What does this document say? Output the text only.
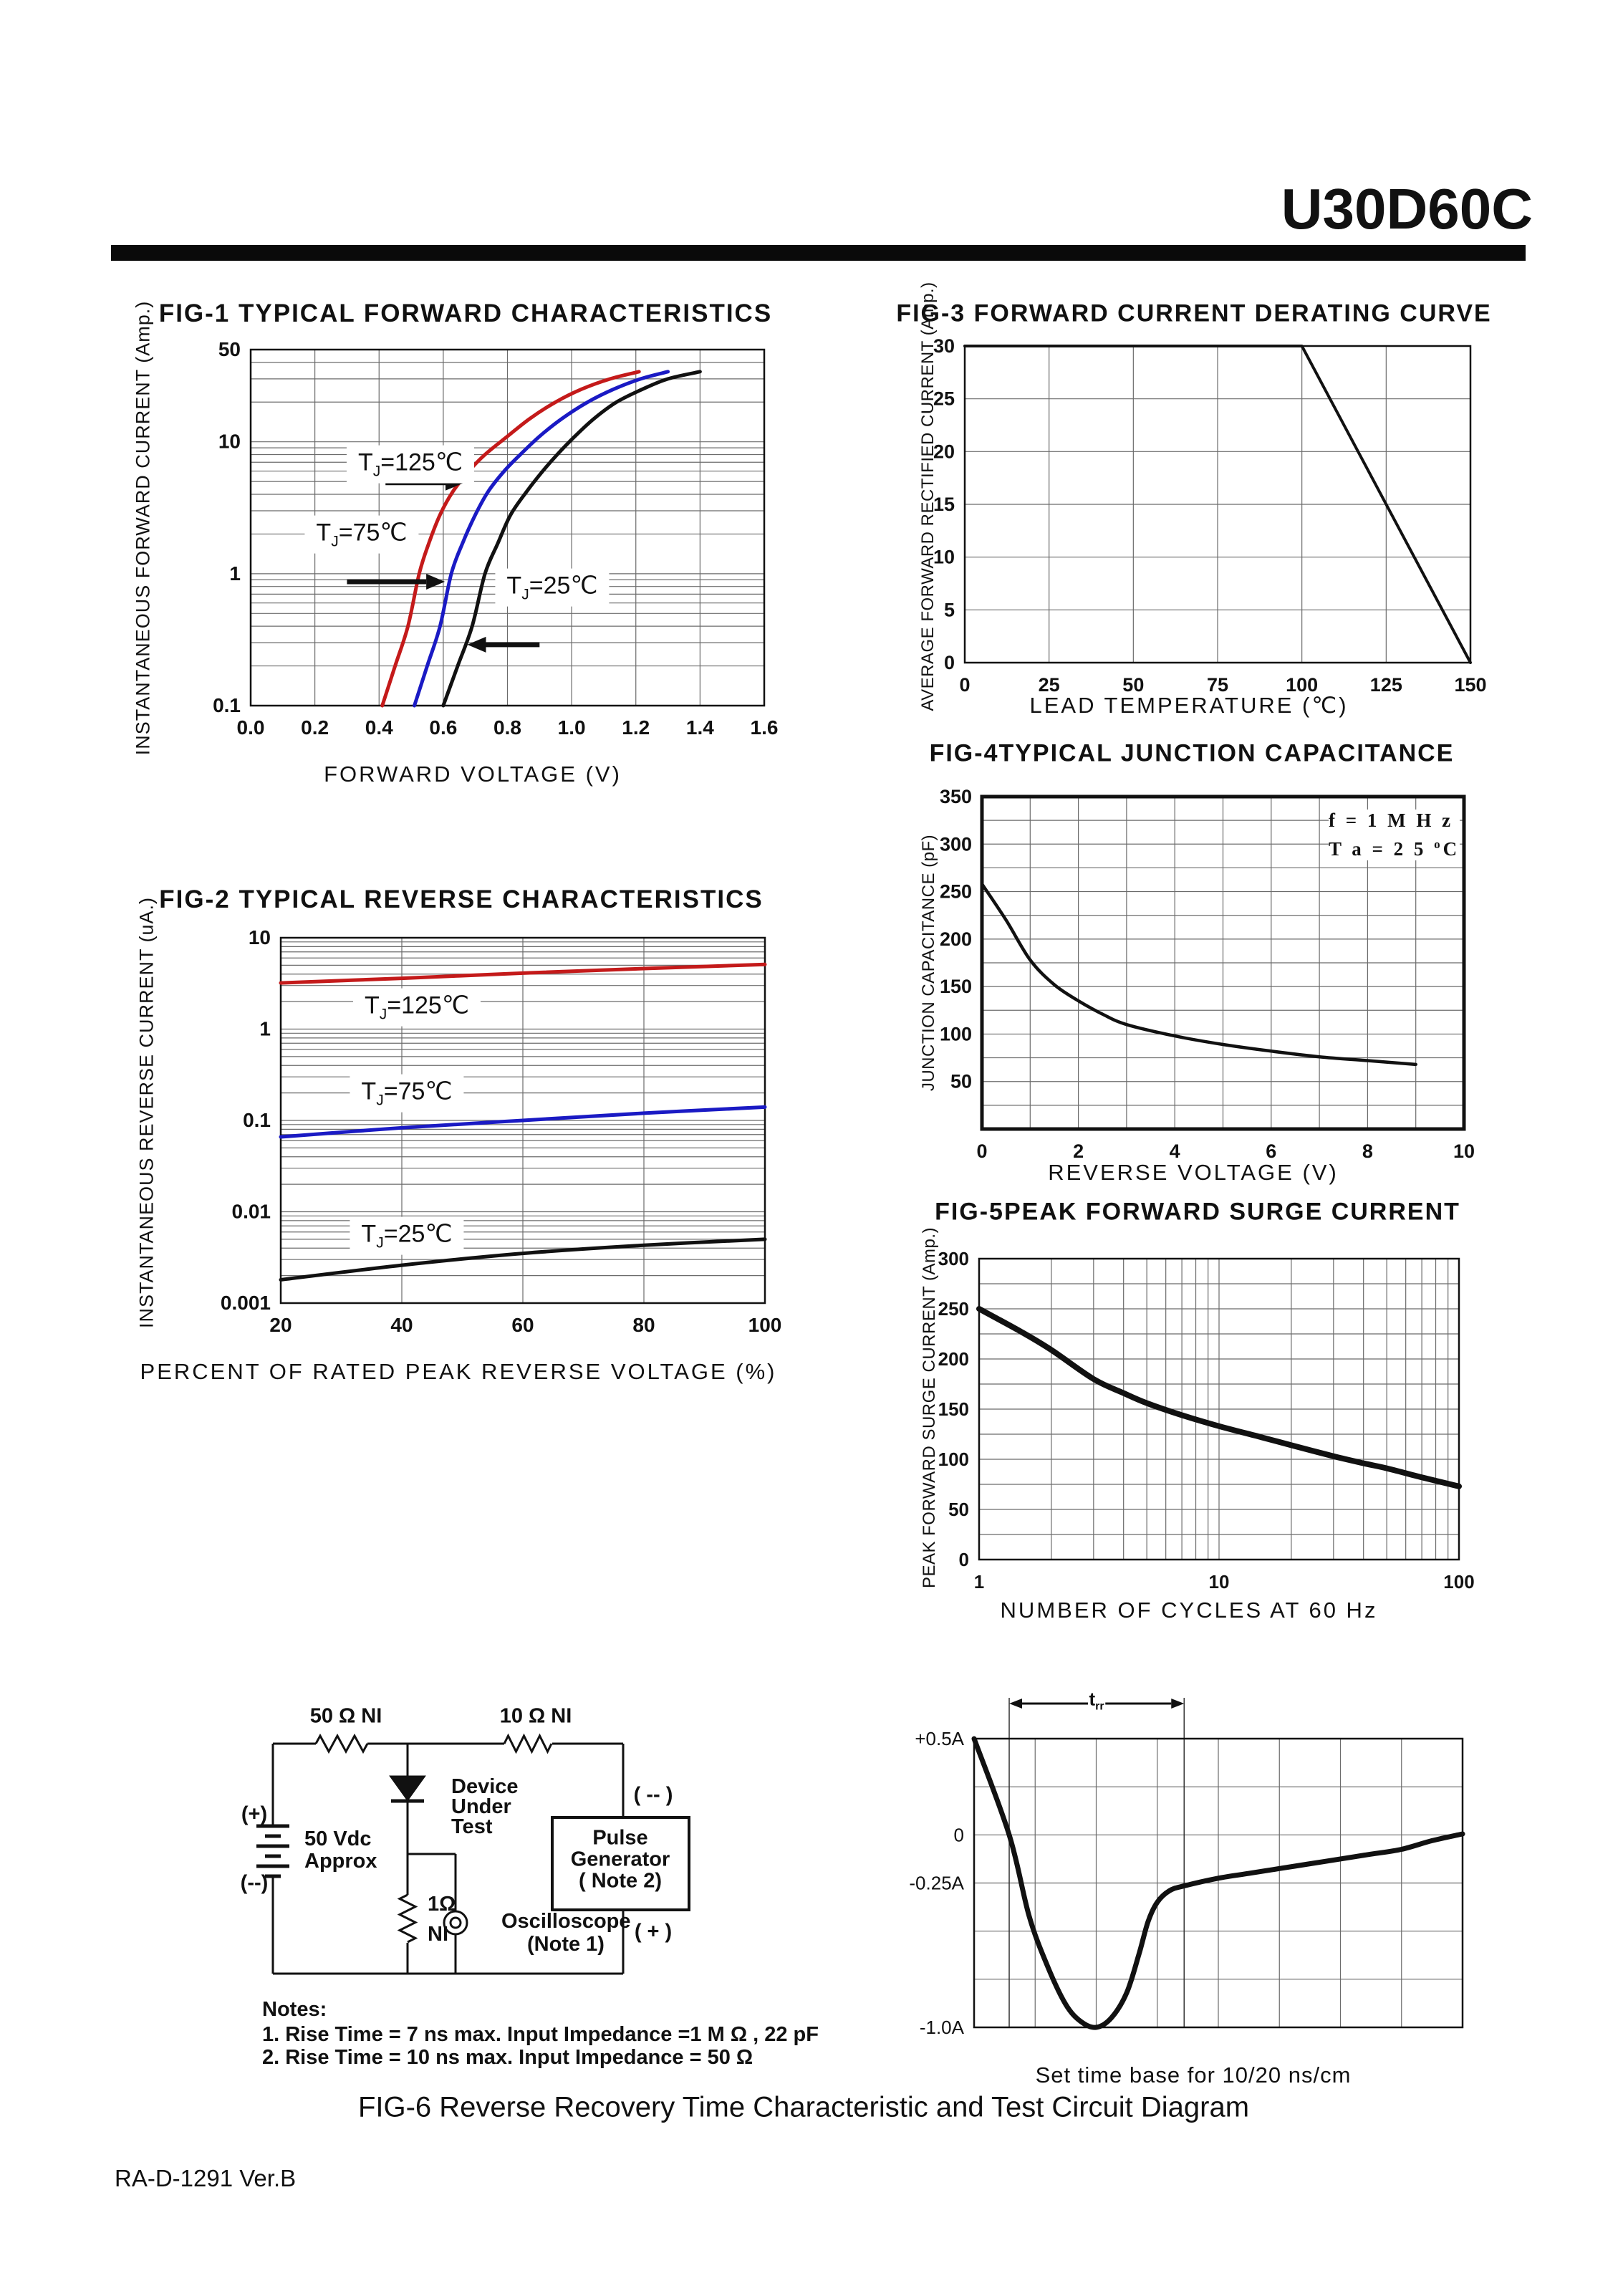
0.0 0.2 0.4 0.6 0.8 1.0 1.2 1.4 1.6
50
10
1
0.1
20	40	60	80	100
10
1
0.1
0.01
0.001
0	25	50	75	100	125	150
0
5
10
15
20
25
30
0	2	4	6	8	10
50
100
150
200
250
300
350
1	10	100
0
50
100
150
200
250
300
+0.5A
0
-0.25A
-1.0A
U30D60C
FIG-1 TYPICAL FORWARD CHARACTERISTICS
INSTANTANEOUS FORWARD CURRENT (Amp.)
FORWARD VOLTAGE (V)
$T_J=125℃$
$T_J=75℃$
$T_J=25℃$
FIG-2 TYPICAL REVERSE CHARACTERISTICS
INSTANTANEOUS REVERSE CURRENT (uA.)
PERCENT OF RATED PEAK REVERSE VOLTAGE (%)
$T_J=125℃$
$T_J=75℃$
$T_J=25℃$
FIG-3 FORWARD CURRENT DERATING CURVE
AVERAGE FORWARD RECTIFIED CURRENT (Amp.)	LEAD TEMPERATURE (℃)
FIG-4TYPICAL JUNCTION CAPACITANCE
JUNCTION CAPACITANCE (pF)
REVERSE VOLTAGE (V)
f = 1 M H z
T a = 2 5 $^o$C
FIG-5PEAK FORWARD SURGE CURRENT
PEAK FORWARD SURGE CURRENT (Amp.)
NUMBER OF CYCLES AT 60 Hz
$t_{rr}$
Set time base for 10/20 ns/cm
50 Ω NI	10 Ω NI
(+)
50 Vdc
Approx
(--)
Device
Under
Test
1Ω
NI
Oscilloscope
(Note 1)
Pulse
Generator
( Note 2)
( -- )
( + )
Notes:
1. Rise Time = 7 ns max. Input Impedance =1 M Ω , 22 pF
2. Rise Time = 10 ns max. Input Impedance = 50 Ω
FIG-6 Reverse Recovery Time Characteristic and Test Circuit Diagram
RA-D-1291 Ver.B
